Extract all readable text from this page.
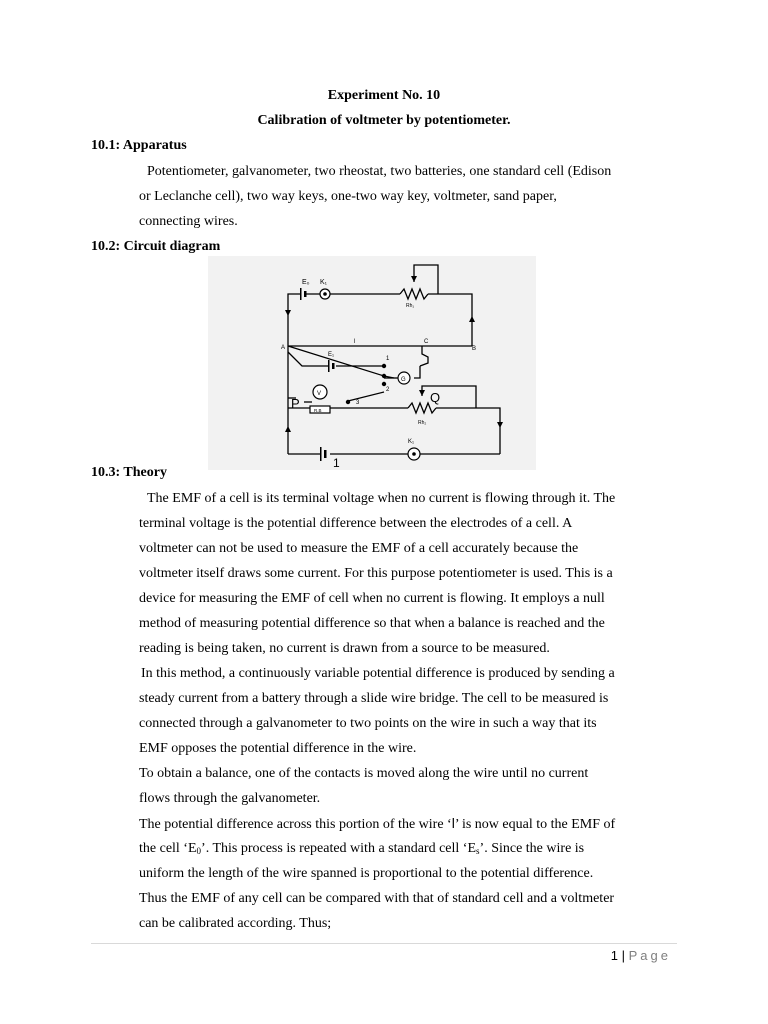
Experiment No. 10
Calibration of voltmeter by potentiometer.
10.1: Apparatus

Potentiometer, galvanometer, two rheostat, two batteries, one standard cell (Edison

or Leclanche cell), two way keys, one-two way key, voltmeter, sand paper,

connecting wires.

10.2: Circuit diagram
E₀ K₁
Rh₁
l
A
C
B
E₁
1
2
G
V
P	3
R.B
Q
Rh₂
K₁
1
10.3: Theory

The EMF of a cell is its terminal voltage when no current is flowing through it. The

terminal voltage is the potential difference between the electrodes of a cell. A

voltmeter can not be used to measure the EMF of a cell accurately because the

voltmeter itself draws some current. For this purpose potentiometer is used. This is a

device for measuring the EMF of cell when no current is flowing. It employs a null

method of measuring potential difference so that when a balance is reached and the

reading is being taken, no current is drawn from a source to be measured.

In this method, a continuously variable potential difference is produced by sending a

steady current from a battery through a slide wire bridge. The cell to be measured is

connected through a galvanometer to two points on the wire in such a way that its

EMF opposes the potential difference in the wire.

To obtain a balance, one of the contacts is moved along the wire until no current

flows through the galvanometer.

The potential difference across this portion of the wire ‘l’ is now equal to the EMF of

the cell ‘$E_0$’. This process is repeated with a standard cell ‘$E_s$’. Since the wire is

uniform the length of the wire spanned is proportional to the potential difference.

Thus the EMF of any cell can be compared with that of standard cell and a voltmeter

can be calibrated according. Thus;

1 | Page
